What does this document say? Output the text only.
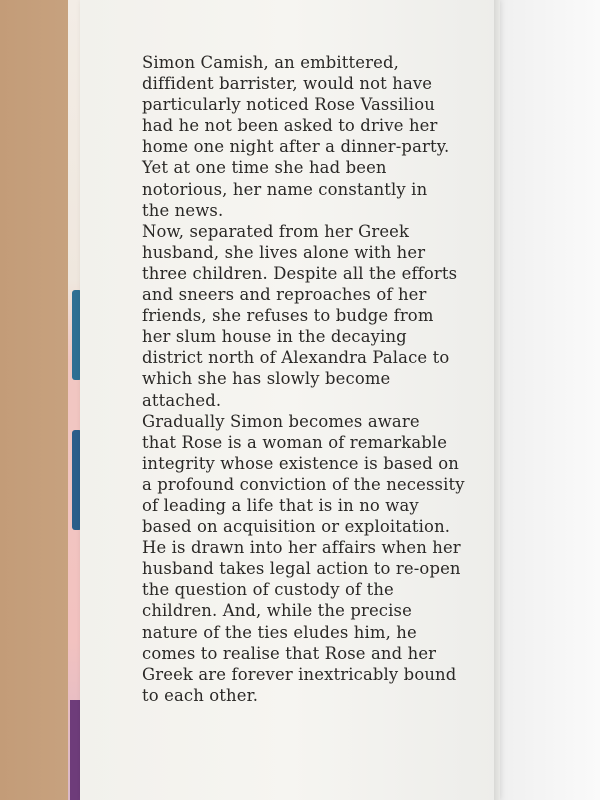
Simon Camish, an embittered,
diffident barrister, would not have
particularly noticed Rose Vassiliou
had he not been asked to drive her
home one night after a dinner-party.
Yet at one time she had been
notorious, her name constantly in
the news.

Now, separated from her Greek
husband, she lives alone with her
three children. Despite all the efforts
and sneers and reproaches of her
friends, she refuses to budge from
her slum house in the decaying
district north of Alexandra Palace to
which she has slowly become
attached.

Gradually Simon becomes aware
that Rose is a woman of remarkable
integrity whose existence is based on
a profound conviction of the necessity
of leading a life that is in no way
based on acquisition or exploitation.
He is drawn into her affairs when her
husband takes legal action to re-open
the question of custody of the
children. And, while the precise
nature of the ties eludes him, he
comes to realise that Rose and her
Greek are forever inextricably bound
to each other.
